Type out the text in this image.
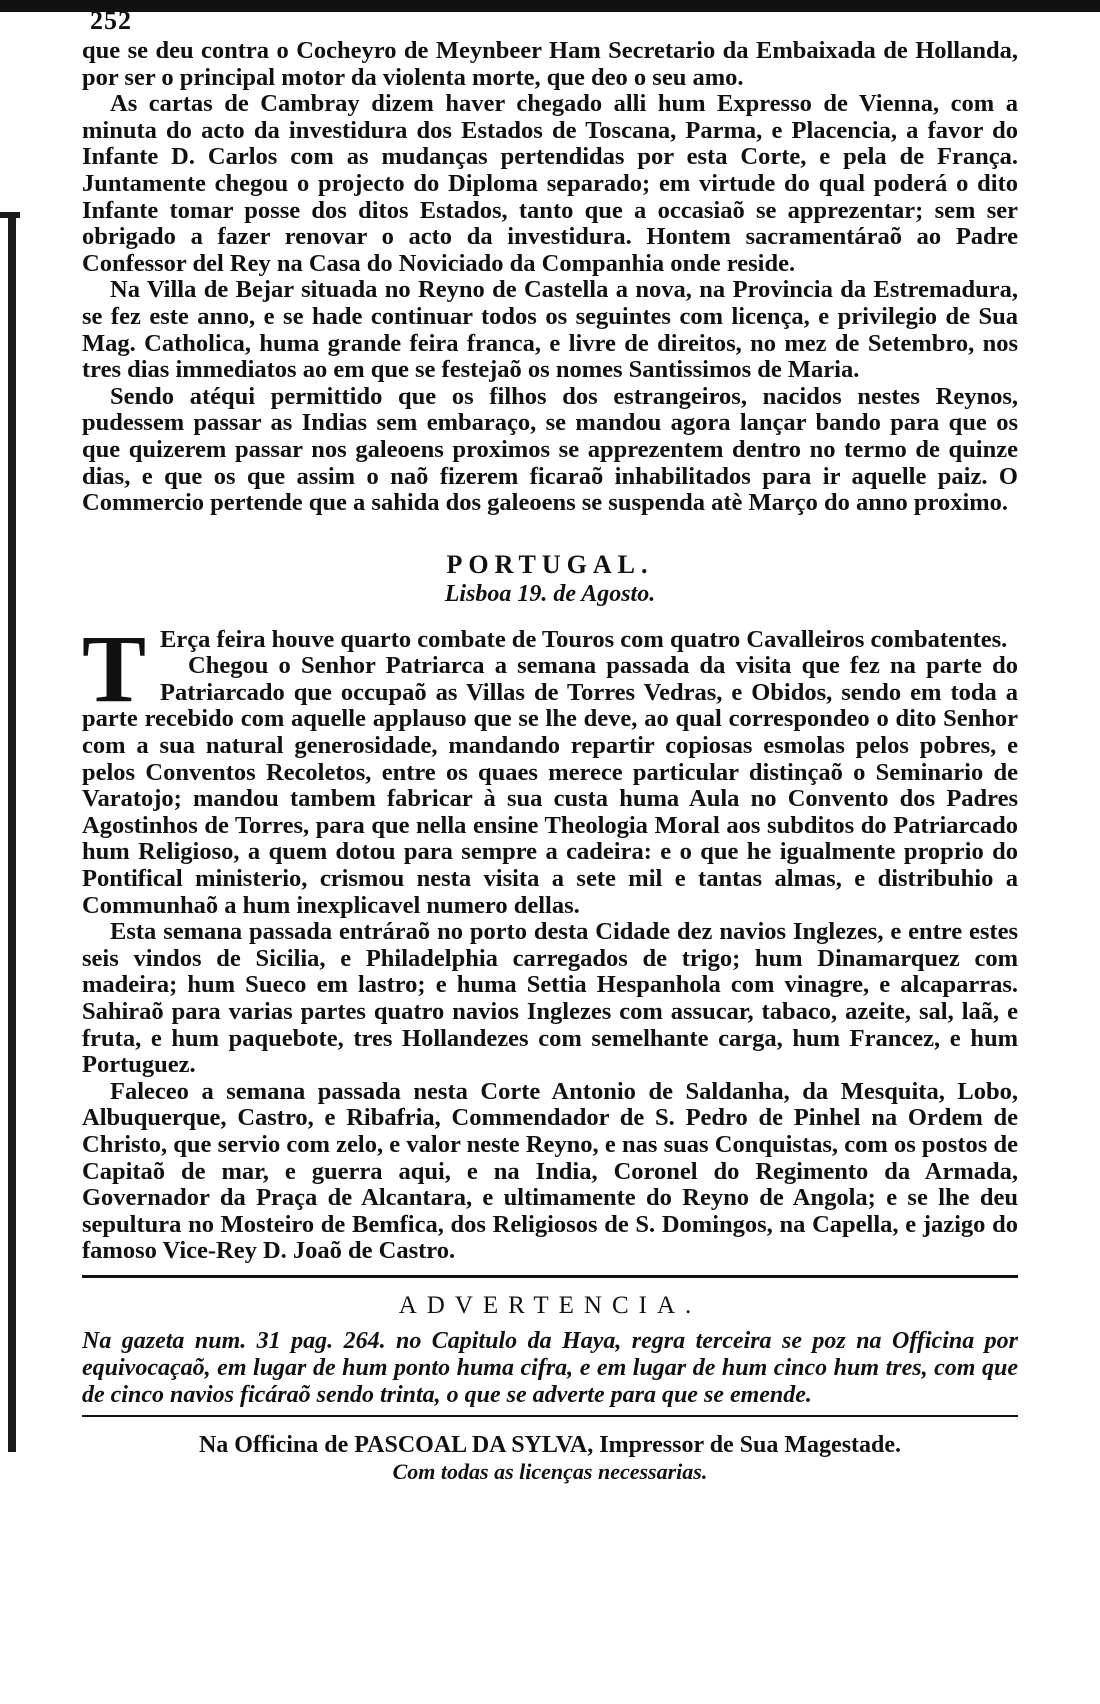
252

que se deu contra o Cocheyro de Meynbeer Ham Secretario da Embaixada de Hollanda, por ser o principal motor da violenta morte, que deo o seu amo.

As cartas de Cambray dizem haver chegado alli hum Expresso de Vienna, com a minuta do acto da investidura dos Estados de Toscana, Parma, e Placencia, a favor do Infante D. Carlos com as mudanças pertendidas por esta Corte, e pela de França. Juntamente chegou o projecto do Diploma separado; em virtude do qual poderá o dito Infante tomar posse dos ditos Estados, tanto que a occasiaõ se apprezentar; sem ser obrigado a fazer renovar o acto da investidura. Hontem sacramentáraõ ao Padre Confessor del Rey na Casa do Noviciado da Companhia onde reside.

Na Villa de Bejar situada no Reyno de Castella a nova, na Provincia da Estremadura, se fez este anno, e se hade continuar todos os seguintes com licença, e privilegio de Sua Mag. Catholica, huma grande feira franca, e livre de direitos, no mez de Setembro, nos tres dias immediatos ao em que se festejaõ os nomes Santissimos de Maria.

Sendo atéqui permittido que os filhos dos estrangeiros, nacidos nestes Reynos, pudessem passar as Indias sem embaraço, se mandou agora lançar bando para que os que quizerem passar nos galeoens proximos se apprezentem dentro no termo de quinze dias, e que os que assim o naõ fizerem ficaraõ inhabilitados para ir aquelle paiz. O Commercio pertende que a sahida dos galeoens se suspenda atè Março do anno proximo.

PORTUGAL.
Lisboa 19. de Agosto.

T Erça feira houve quarto combate de Touros com quatro Cavalleiros combatentes.

Chegou o Senhor Patriarca a semana passada da visita que fez na parte do Patriarcado que occupaõ as Villas de Torres Vedras, e Obidos, sendo em toda a parte recebido com aquelle applauso que se lhe deve, ao qual correspondeo o dito Senhor com a sua natural generosidade, mandando repartir copiosas esmolas pelos pobres, e pelos Conventos Recoletos, entre os quaes merece particular distinçaõ o Seminario de Varatojo; mandou tambem fabricar à sua custa huma Aula no Convento dos Padres Agostinhos de Torres, para que nella ensine Theologia Moral aos subditos do Patriarcado hum Religioso, a quem dotou para sempre a cadeira: e o que he igualmente proprio do Pontifical ministerio, crismou nesta visita a sete mil e tantas almas, e distribuhio a Communhaõ a hum inexplicavel numero dellas.

Esta semana passada entráraõ no porto desta Cidade dez navios Inglezes, e entre estes seis vindos de Sicilia, e Philadelphia carregados de trigo; hum Dinamarquez com madeira; hum Sueco em lastro; e huma Settia Hespanhola com vinagre, e alcaparras. Sahiraõ para varias partes quatro navios Inglezes com assucar, tabaco, azeite, sal, laã, e fruta, e hum paquebote, tres Hollandezes com semelhante carga, hum Francez, e hum Portuguez.

Faleceo a semana passada nesta Corte Antonio de Saldanha, da Mesquita, Lobo, Albuquerque, Castro, e Ribafria, Commendador de S. Pedro de Pinhel na Ordem de Christo, que servio com zelo, e valor neste Reyno, e nas suas Conquistas, com os postos de Capitaõ de mar, e guerra aqui, e na India, Coronel do Regimento da Armada, Governador da Praça de Alcantara, e ultimamente do Reyno de Angola; e se lhe deu sepultura no Mosteiro de Bemfica, dos Religiosos de S. Domingos, na Capella, e jazigo do famoso Vice-Rey D. Joaõ de Castro.

ADVERTENCIA.

Na gazeta num. 31 pag. 264. no Capitulo da Haya, regra terceira se poz na Officina por equivocaçaõ, em lugar de hum ponto huma cifra, e em lugar de hum cinco hum tres, com que de cinco navios ficáraõ sendo trinta, o que se adverte para que se emende.

Na Officina de PASCOAL DA SYLVA, Impressor de Sua Magestade.
Com todas as licenças necessarias.
